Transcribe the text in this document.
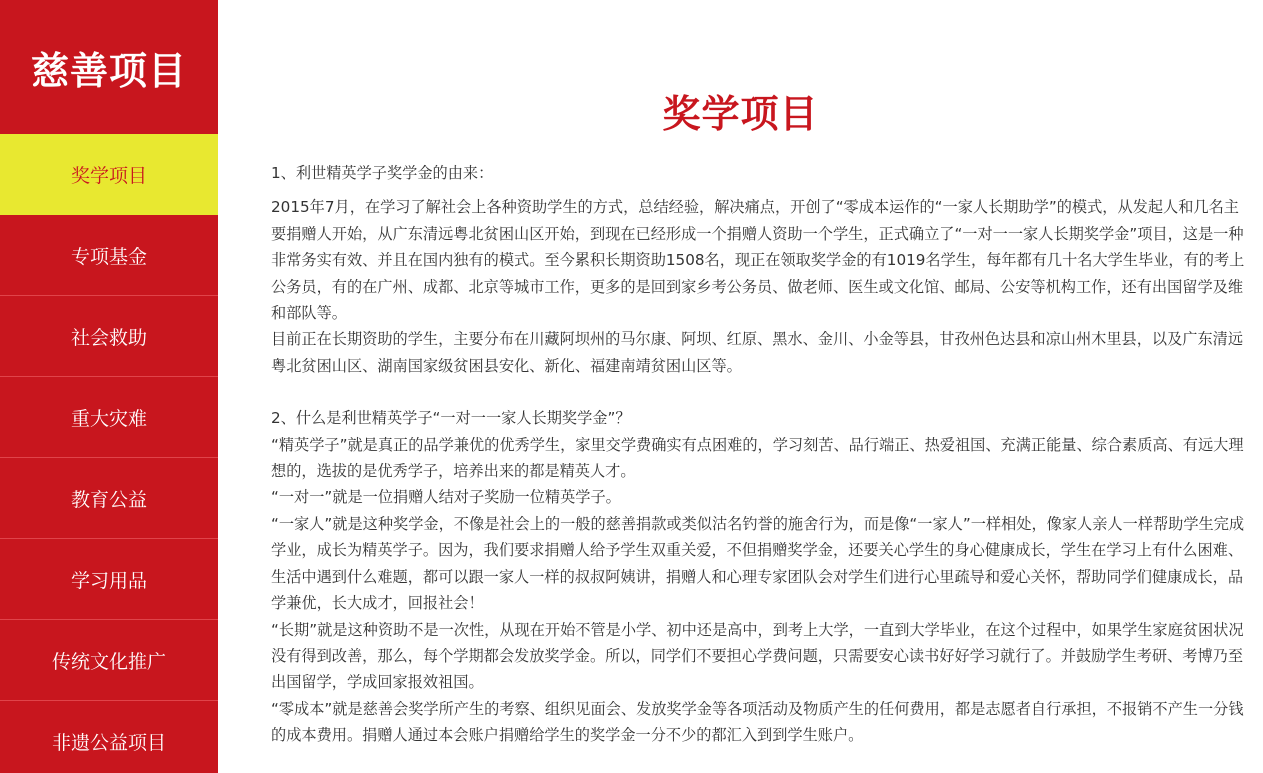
慈善项目
奖学项目
专项基金
社会救助
重大灾难
教育公益
学习用品
传统文化推广
非遗公益项目
奖学项目

1、利世精英学子奖学金的由来：

2015年7月，在学习了解社会上各种资助学生的方式，总结经验，解决痛点，开创了“零成本运作的“一家人长期助学”的模式，从发起人和几名主要捐赠人开始，从广东清远粤北贫困山区开始，到现在已经形成一个捐赠人资助一个学生，正式确立了“一对一一家人长期奖学金”项目，这是一种非常务实有效、并且在国内独有的模式。至今累积长期资助1508名，现正在领取奖学金的有1019名学生，每年都有几十名大学生毕业，有的考上公务员，有的在广州、成都、北京等城市工作，更多的是回到家乡考公务员、做老师、医生或文化馆、邮局、公安等机构工作，还有出国留学及维和部队等。

目前正在长期资助的学生，主要分布在川藏阿坝州的马尔康、阿坝、红原、黑水、金川、小金等县，甘孜州色达县和凉山州木里县，以及广东清远粤北贫困山区、湖南国家级贫困县安化、新化、福建南靖贫困山区等。

2、什么是利世精英学子“一对一一家人长期奖学金”？

“精英学子”就是真正的品学兼优的优秀学生，家里交学费确实有点困难的，学习刻苦、品行端正、热爱祖国、充满正能量、综合素质高、有远大理想的，选拔的是优秀学子，培养出来的都是精英人才。

“一对一”就是一位捐赠人结对子奖励一位精英学子。

“一家人”就是这种奖学金，不像是社会上的一般的慈善捐款或类似沽名钓誉的施舍行为，而是像“一家人”一样相处，像家人亲人一样帮助学生完成学业，成长为精英学子。因为，我们要求捐赠人给予学生双重关爱，不但捐赠奖学金，还要关心学生的身心健康成长，学生在学习上有什么困难、生活中遇到什么难题，都可以跟一家人一样的叔叔阿姨讲，捐赠人和心理专家团队会对学生们进行心里疏导和爱心关怀，帮助同学们健康成长，品学兼优，长大成才，回报社会！

“长期”就是这种资助不是一次性，从现在开始不管是小学、初中还是高中，到考上大学，一直到大学毕业，在这个过程中，如果学生家庭贫困状况没有得到改善，那么，每个学期都会发放奖学金。所以，同学们不要担心学费问题，只需要安心读书好好学习就行了。并鼓励学生考研、考博乃至出国留学，学成回家报效祖国。

“零成本”就是慈善会奖学所产生的考察、组织见面会、发放奖学金等各项活动及物质产生的任何费用，都是志愿者自行承担，不报销不产生一分钱的成本费用。捐赠人通过本会账户捐赠给学生的奖学金一分不少的都汇入到到学生账户。
